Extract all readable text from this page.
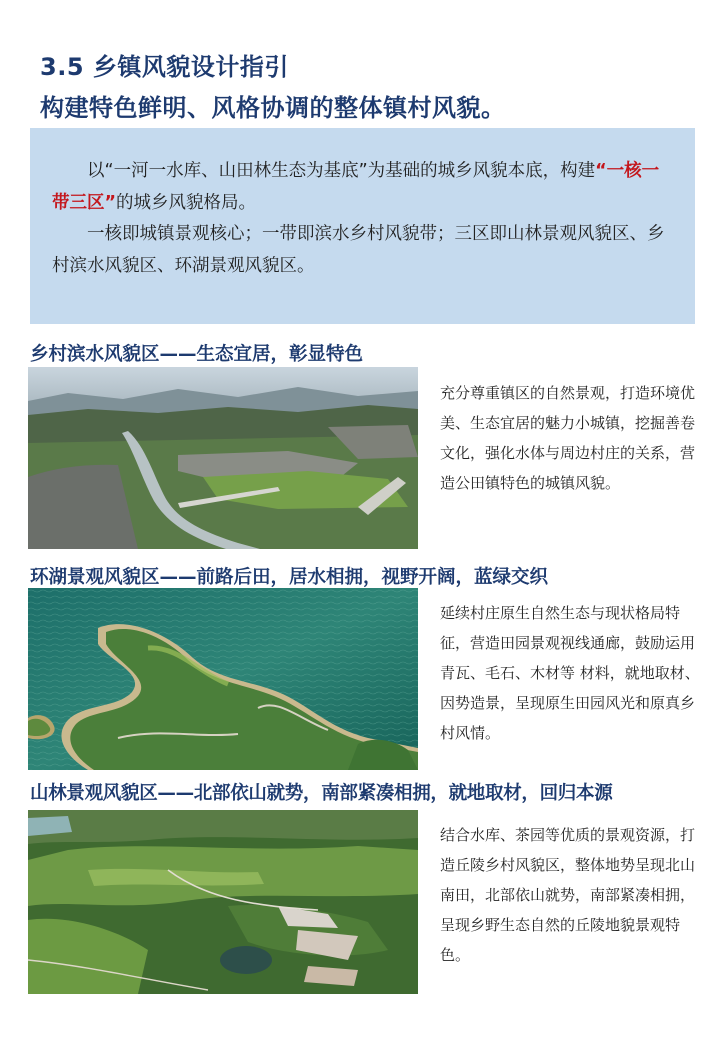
3.5 乡镇风貌设计指引
构建特色鲜明、风格协调的整体镇村风貌。

以“一河一水库、山田林生态为基底”为基础的城乡风貌本底，构建“一核一带三区”的城乡风貌格局。

一核即城镇景观核心；一带即滨水乡村风貌带；三区即山林景观风貌区、乡村滨水风貌区、环湖景观风貌区。

乡村滨水风貌区——生态宜居，彰显特色

充分尊重镇区的自然景观，打造环境优美、生态宜居的魅力小城镇，挖掘善卷文化，强化水体与周边村庄的关系，营造公田镇特色的城镇风貌。

环湖景观风貌区——前路后田，居水相拥，视野开阔，蓝绿交织

延续村庄原生自然生态与现状格局特征，营造田园景观视线通廊，鼓励运用青瓦、毛石、木材等 材料，就地取材、因势造景，呈现原生田园风光和原真乡村风情。

山林景观风貌区——北部依山就势，南部紧凑相拥，就地取材，回归本源

结合水库、茶园等优质的景观资源，打造丘陵乡村风貌区，整体地势呈现北山南田，北部依山就势，南部紧凑相拥，呈现乡野生态自然的丘陵地貌景观特色。
